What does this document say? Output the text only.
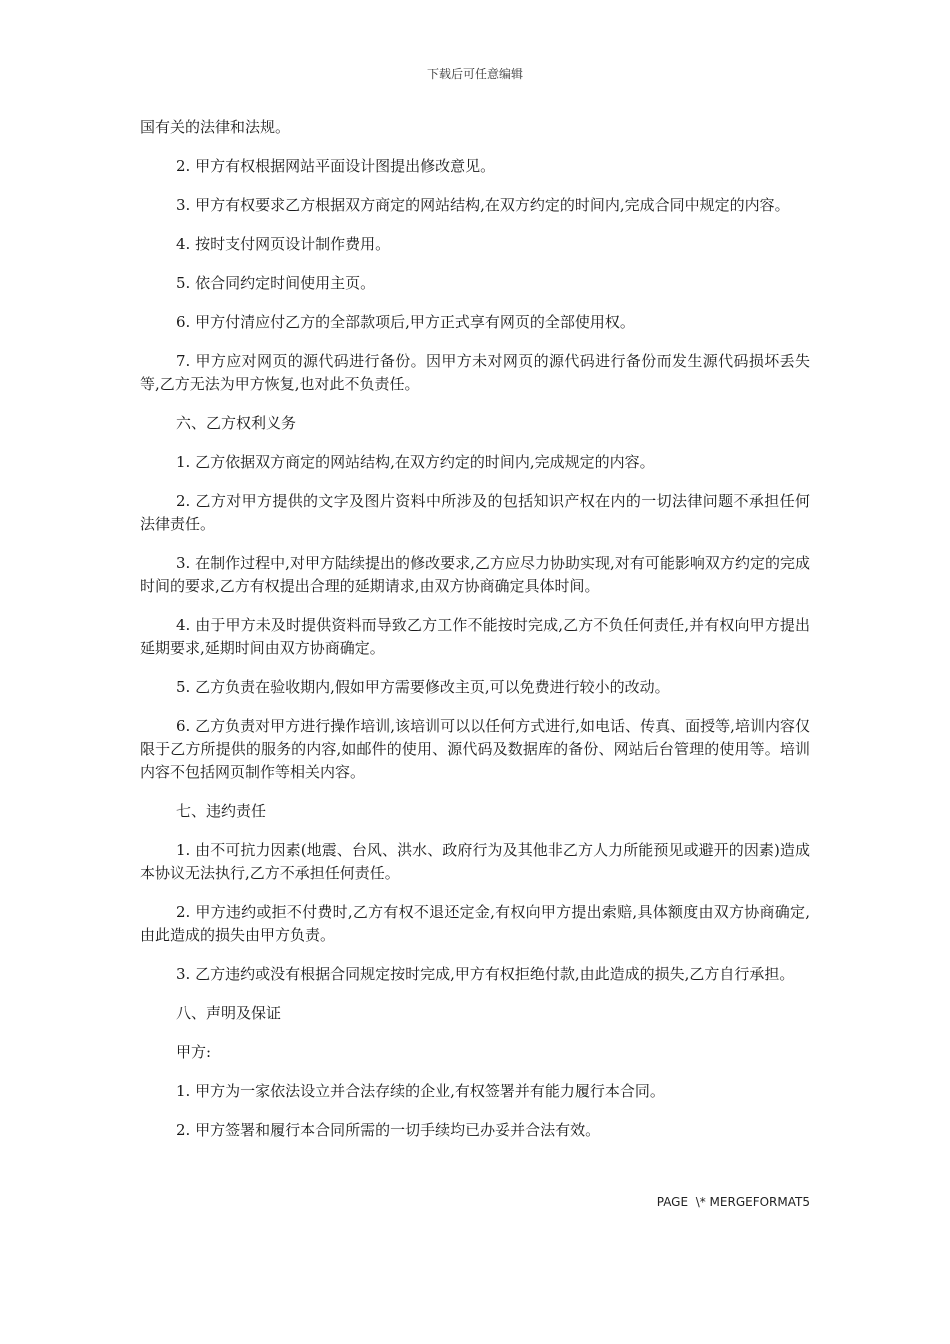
下载后可任意编辑

国有关的法律和法规。

2. 甲方有权根据网站平面设计图提出修改意见。

3. 甲方有权要求乙方根据双方商定的网站结构,在双方约定的时间内,完成合同中规定的内容。

4. 按时支付网页设计制作费用。

5. 依合同约定时间使用主页。

6. 甲方付清应付乙方的全部款项后,甲方正式享有网页的全部使用权。

7. 甲方应对网页的源代码进行备份。因甲方未对网页的源代码进行备份而发生源代码损坏丢失等,乙方无法为甲方恢复,也对此不负责任。

六、乙方权利义务

1. 乙方依据双方商定的网站结构,在双方约定的时间内,完成规定的内容。

2. 乙方对甲方提供的文字及图片资料中所涉及的包括知识产权在内的一切法律问题不承担任何法律责任。

3. 在制作过程中,对甲方陆续提出的修改要求,乙方应尽力协助实现,对有可能影响双方约定的完成时间的要求,乙方有权提出合理的延期请求,由双方协商确定具体时间。

4. 由于甲方未及时提供资料而导致乙方工作不能按时完成,乙方不负任何责任,并有权向甲方提出延期要求,延期时间由双方协商确定。

5. 乙方负责在验收期内,假如甲方需要修改主页,可以免费进行较小的改动。

6. 乙方负责对甲方进行操作培训,该培训可以以任何方式进行,如电话、传真、面授等,培训内容仅限于乙方所提供的服务的内容,如邮件的使用、源代码及数据库的备份、网站后台管理的使用等。培训内容不包括网页制作等相关内容。

七、违约责任

1. 由不可抗力因素(地震、台风、洪水、政府行为及其他非乙方人力所能预见或避开的因素)造成本协议无法执行,乙方不承担任何责任。

2. 甲方违约或拒不付费时,乙方有权不退还定金,有权向甲方提出索赔,具体额度由双方协商确定,由此造成的损失由甲方负责。

3. 乙方违约或没有根据合同规定按时完成,甲方有权拒绝付款,由此造成的损失,乙方自行承担。

八、声明及保证

甲方:

1. 甲方为一家依法设立并合法存续的企业,有权签署并有能力履行本合同。

2. 甲方签署和履行本合同所需的一切手续均已办妥并合法有效。

PAGE  \* MERGEFORMAT5
